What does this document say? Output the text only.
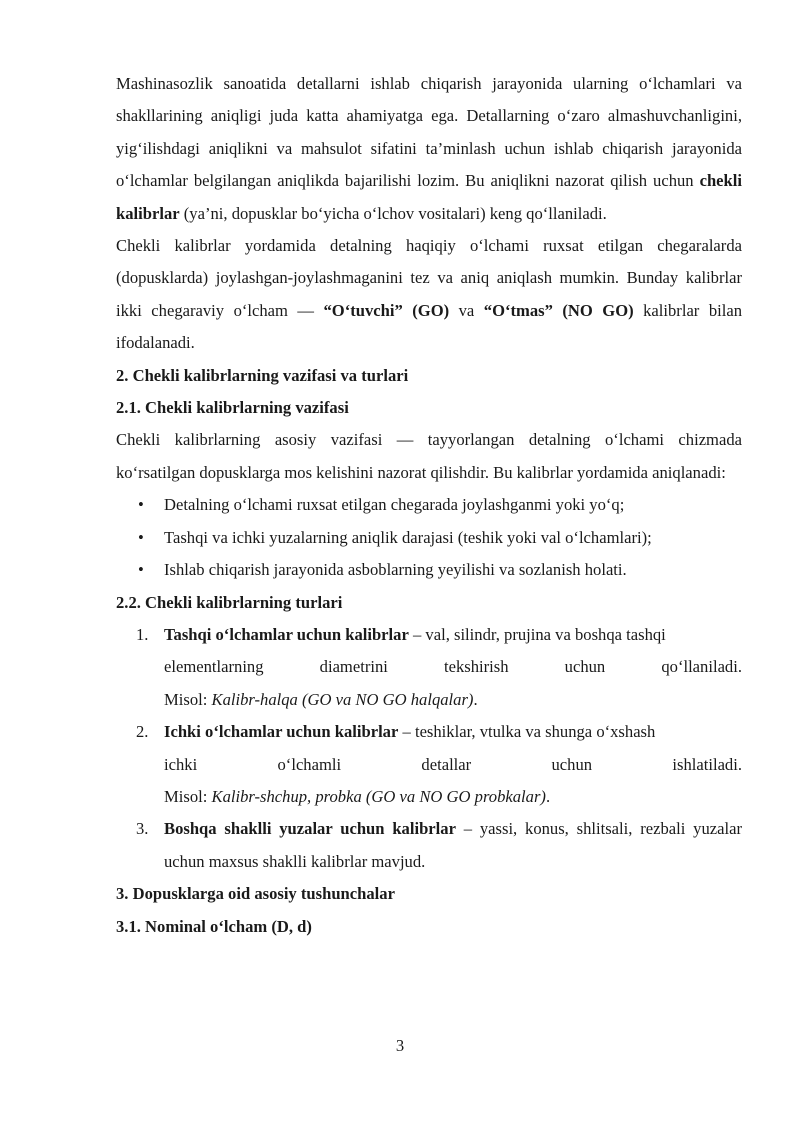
Mashinasozlik sanoatida detallarni ishlab chiqarish jarayonida ularning o‘lchamlari va shakllarining aniqligi juda katta ahamiyatga ega. Detallarning o‘zaro almashuvchanligini, yig‘ilishdagi aniqlikni va mahsulot sifatini ta’minlash uchun ishlab chiqarish jarayonida o‘lchamlar belgilangan aniqlikda bajarilishi lozim. Bu aniqlikni nazorat qilish uchun chekli kalibrlar (ya’ni, dopusklar bo‘yicha o‘lchov vositalari) keng qo‘llaniladi.

Chekli kalibrlar yordamida detalning haqiqiy o‘lchami ruxsat etilgan chegaralarda (dopusklarda) joylashgan-joylashmaganini tez va aniq aniqlash mumkin. Bunday kalibrlar ikki chegaraviy o‘lcham — “O‘tuvchi” (GO) va “O‘tmas” (NO GO) kalibrlar bilan ifodalanadi.

2. Chekli kalibrlarning vazifasi va turlari

2.1. Chekli kalibrlarning vazifasi

Chekli kalibrlarning asosiy vazifasi — tayyorlangan detalning o‘lchami chizmada ko‘rsatilgan dopusklarga mos kelishini nazorat qilishdir. Bu kalibrlar yordamida aniqlanadi:

• Detalning o‘lchami ruxsat etilgan chegarada joylashganmi yoki yo‘q;
• Tashqi va ichki yuzalarning aniqlik darajasi (teshik yoki val o‘lchamlari);
• Ishlab chiqarish jarayonida asboblarning yeyilishi va sozlanish holati.

2.2. Chekli kalibrlarning turlari

1. Tashqi o‘lchamlar uchun kalibrlar – val, silindr, prujina va boshqa tashqi
elementlarning diametrini tekshirish uchun qo‘llaniladi.
Misol: Kalibr-halqa (GO va NO GO halqalar).
2. Ichki o‘lchamlar uchun kalibrlar – teshiklar, vtulka va shunga o‘xshash
ichki o‘lchamli detallar uchun ishlatiladi.
Misol: Kalibr-shchup, probka (GO va NO GO probkalar).
3. Boshqa shaklli yuzalar uchun kalibrlar – yassi, konus, shlitsali, rezbali yuzalar uchun maxsus shaklli kalibrlar mavjud.

3. Dopusklarga oid asosiy tushunchalar

3.1. Nominal o‘lcham (D, d)

3
